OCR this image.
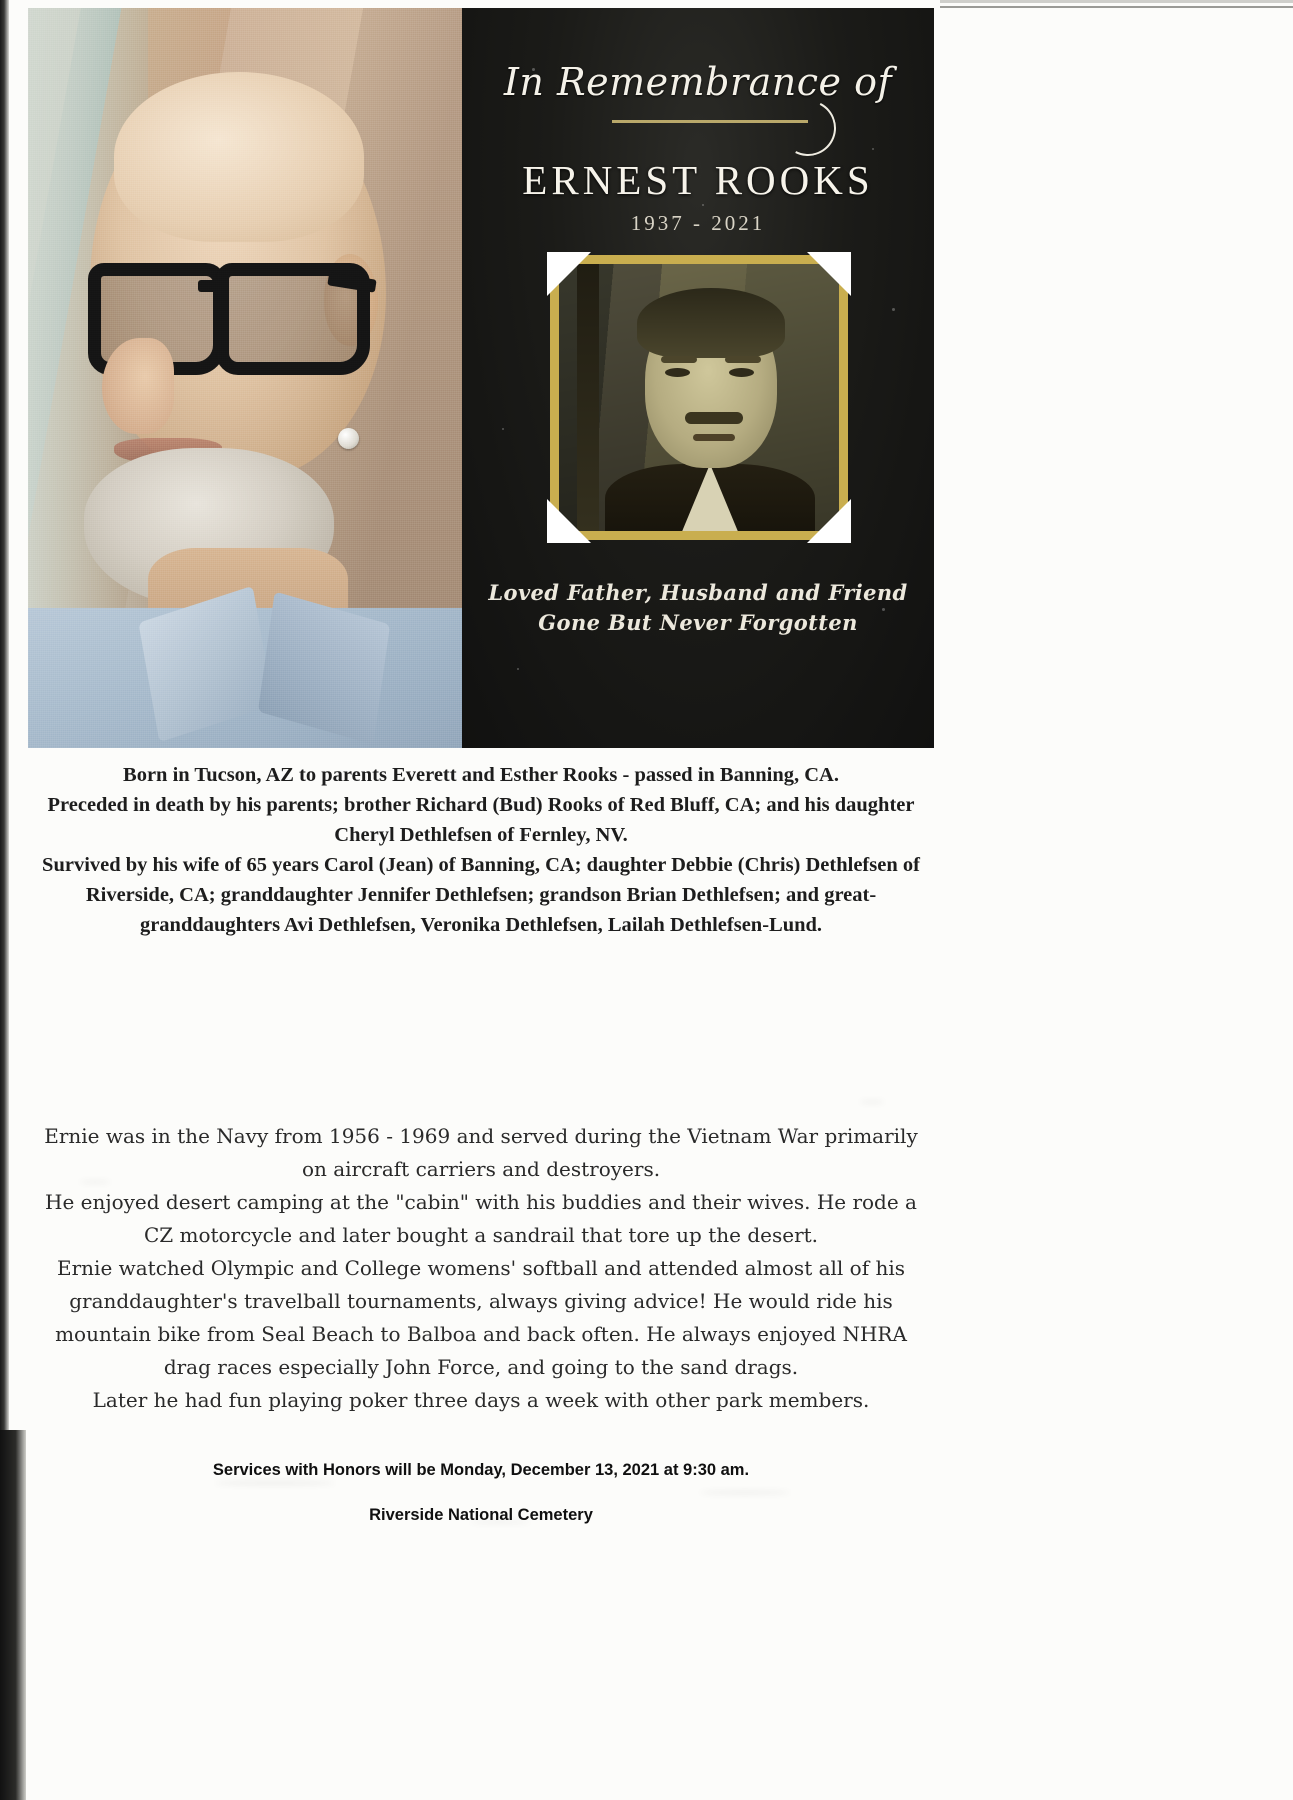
In Remembrance of
ERNEST ROOKS
1937 - 2021
Loved Father, Husband and Friend
Gone But Never Forgotten

Born in Tucson, AZ to parents Everett and Esther Rooks - passed in Banning, CA.

Preceded in death by his parents; brother Richard (Bud) Rooks of Red Bluff, CA; and his daughter Cheryl Dethlefsen of Fernley, NV.

Survived by his wife of 65 years Carol (Jean) of Banning, CA; daughter Debbie (Chris) Dethlefsen of Riverside, CA; granddaughter Jennifer Dethlefsen; grandson Brian Dethlefsen; and great-granddaughters Avi Dethlefsen, Veronika Dethlefsen, Lailah Dethlefsen-Lund.

Ernie was in the Navy from 1956 - 1969 and served during the Vietnam War primarily on aircraft carriers and destroyers.

He enjoyed desert camping at the "cabin" with his buddies and their wives. He rode a CZ motorcycle and later bought a sandrail that tore up the desert.

Ernie watched Olympic and College womens' softball and attended almost all of his granddaughter's travelball tournaments, always giving advice! He would ride his mountain bike from Seal Beach to Balboa and back often. He always enjoyed NHRA drag races especially John Force, and going to the sand drags.

Later he had fun playing poker three days a week with other park members.

Services with Honors will be Monday, December 13, 2021 at 9:30 am.
Riverside National Cemetery
